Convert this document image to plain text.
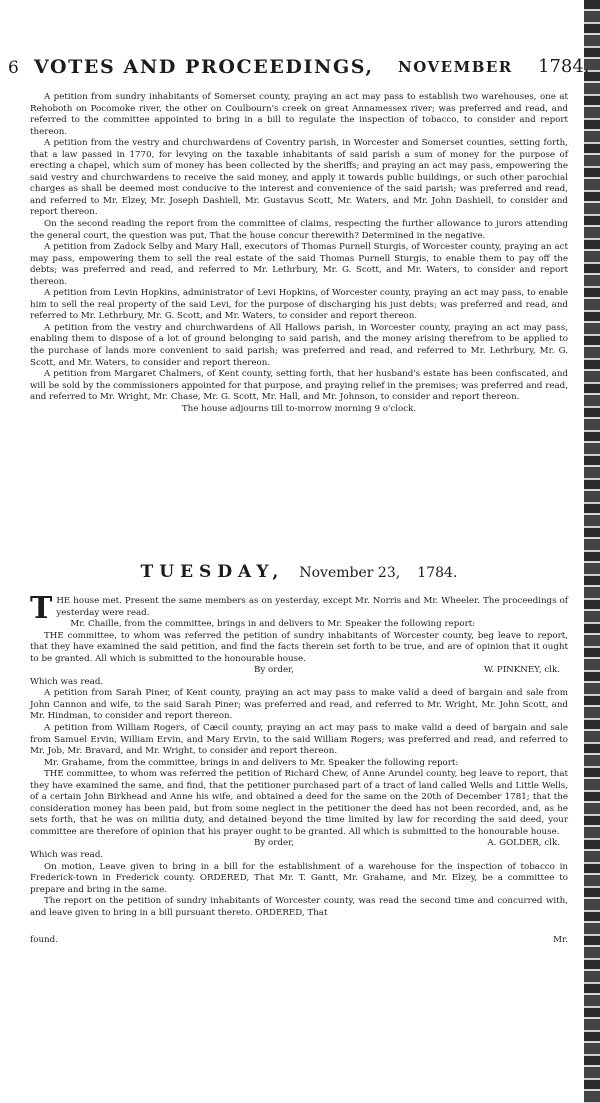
6 VOTES AND PROCEEDINGS, NOVEMBER 1784.

A petition from sundry inhabitants of Somerset county, praying an act may pass to establish two warehouses, one at Rehoboth on Pocomoke river, the other on Coulbourn's creek on great Annamessex river; was preferred and read, and referred to the committee appointed to bring in a bill to regulate the inspection of tobacco, to consider and report thereon.

A petition from the vestry and churchwardens of Coventry parish, in Worcester and Somerset counties, setting forth, that a law passed in 1770, for levying on the taxable inhabitants of said parish a sum of money for the purpose of erecting a chapel, which sum of money has been collected by the sheriffs; and praying an act may pass, empowering the said vestry and churchwardens to receive the said money, and apply it towards public buildings, or such other parochial charges as shall be deemed most conducive to the interest and convenience of the said parish; was preferred and read, and referred to Mr. Elzey, Mr. Joseph Dashiell, Mr. Gustavus Scott, Mr. Waters, and Mr. John Dashiell, to consider and report thereon.

On the second reading the report from the committee of claims, respecting the further allowance to jurors attending the general court, the question was put, That the house concur therewith? Determined in the negative.

A petition from Zadock Selby and Mary Hall, executors of Thomas Purnell Sturgis, of Worcester county, praying an act may pass, empowering them to sell the real estate of the said Thomas Purnell Sturgis, to enable them to pay off the debts; was preferred and read, and referred to Mr. Lethrbury, Mr. G. Scott, and Mr. Waters, to consider and report thereon.

A petition from Levin Hopkins, administrator of Levi Hopkins, of Worcester county, praying an act may pass, to enable him to sell the real property of the said Levi, for the purpose of discharging his just debts; was preferred and read, and referred to Mr. Lethrbury, Mr. G. Scott, and Mr. Waters, to consider and report thereon.

A petition from the vestry and churchwardens of All Hallows parish, in Worcester county, praying an act may pass, enabling them to dispose of a lot of ground belonging to said parish, and the money arising therefrom to be applied to the purchase of lands more convenient to said parish; was preferred and read, and referred to Mr. Lethrbury, Mr. G. Scott, and Mr. Waters, to consider and report thereon.

A petition from Margaret Chalmers, of Kent county, setting forth, that her husband's estate has been confiscated, and will be sold by the commissioners appointed for that purpose, and praying relief in the premises; was preferred and read, and referred to Mr. Wright, Mr. Chase, Mr. G. Scott, Mr. Hall, and Mr. Johnson, to consider and report thereon.

The house adjourns till to-morrow morning 9 o'clock.

TUESDAY, November 23, 1784.

THE house met. Present the same members as on yesterday, except Mr. Norris and Mr. Wheeler. The proceedings of yesterday were read.

Mr. Chaille, from the committee, brings in and delivers to Mr. Speaker the following report:

THE committee, to whom was referred the petition of sundry inhabitants of Worcester county, beg leave to report, that they have examined the said petition, and find the facts therein set forth to be true, and are of opinion that it ought to be granted. All which is submitted to the honourable house.

By order,	W. PINKNEY, clk.

Which was read.

A petition from Sarah Piner, of Kent county, praying an act may pass to make valid a deed of bargain and sale from John Cannon and wife, to the said Sarah Piner; was preferred and read, and referred to Mr. Wright, Mr. John Scott, and Mr. Hindman, to consider and report thereon.

A petition from William Rogers, of Cæcil county, praying an act may pass to make valid a deed of bargain and sale from Samuel Ervin, William Ervin, and Mary Ervin, to the said William Rogers; was preferred and read, and referred to Mr. Job, Mr. Bravard, and Mr. Wright, to consider and report thereon.

Mr. Grahame, from the committee, brings in and delivers to Mr. Speaker the following report:

THE committee, to whom was referred the petition of Richard Chew, of Anne Arundel county, beg leave to report, that they have examined the same, and find, that the petitioner purchased part of a tract of land called Wells and Little Wells, of a certain John Birkhead and Anne his wife, and obtained a deed for the same on the 20th of December 1781; that the consideration money has been paid, but from some neglect in the petitioner the deed has not been recorded, and, as he sets forth, that he was on militia duty, and detained beyond the time limited by law for recording the said deed, your committee are therefore of opinion that his prayer ought to be granted. All which is submitted to the honourable house.

By order,	A. GOLDER, clk.

Which was read.

On motion, Leave given to bring in a bill for the establishment of a warehouse for the inspection of tobacco in Frederick-town in Frederick county. ORDERED, That Mr. T. Gantt, Mr. Grahame, and Mr. Elzey, be a committee to prepare and bring in the same.

The report on the petition of sundry inhabitants of Worcester county, was read the second time and concurred with, and leave given to bring in a bill pursuant thereto. ORDERED, That

found.	Mr.
